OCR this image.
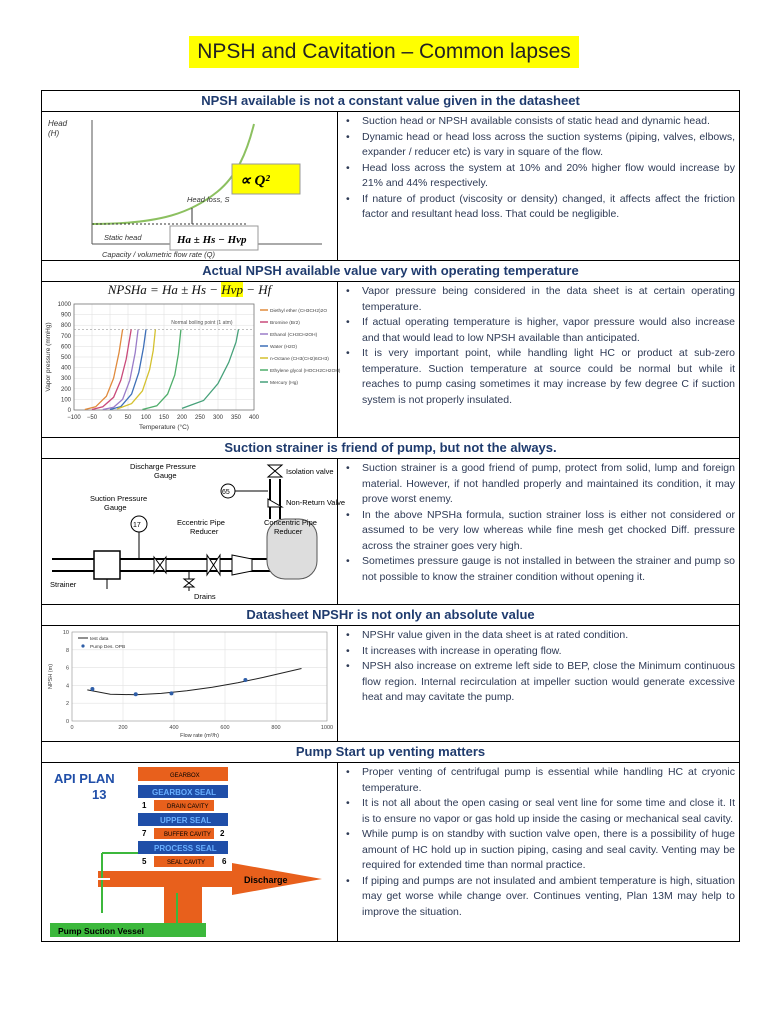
NPSH and Cavitation – Common lapses
NPSH available is not a constant value given in the datasheet
Head
(H)
Static head
Head loss, S
∝ Q²
Ha ± Hs − Hvp
Capacity / volumetric flow rate (Q)
• Suction head or NPSH available consists of static head and dynamic head.
• Dynamic head or head loss across the suction systems (piping, valves, elbows, expander / reducer etc) is vary in square of the flow.
• Head loss across the system at 10% and 20% higher flow would increase by 21% and 44% respectively.
• If nature of product (viscosity or density) changed, it affects affect the friction factor and resultant head loss. That could be negligible.
Actual NPSH available value vary with operating temperature
NPSHa = Ha ± Hs − Hvp − Hf
−100 −50 0 50 100 150 200 250 300 350 400
0
100
200
300
400
500
600
700
800
900
1000
Normal boiling point (1 atm)
Diethyl ether (CH3CH2)2O
Bromine (Br2)
Ethanol (CH3CH2OH)
Water (H2O)
n-Octane (CH3(CH2)6CH3)
Ethylene glycol (HOCH2CH2OH)
Mercury (Hg)
Temperature (°C)
Vapor pressure (mmHg)
• Vapor pressure being considered in the data sheet is at certain operating temperature.
• If actual operating temperature is higher, vapor pressure would also increase and that would lead to low NPSH available than anticipated.
• It is very important point, while handling light HC or product at sub-zero temperature. Suction temperature at source could be normal but while it reaches to pump casing sometimes it may increase by few degree C if suction system is not properly insulated.
Suction strainer is friend of pump, but not the always.
65
17
Discharge Pressure
Gauge	Isolation valve
Non-Return Valve
Suction Pressure
Gauge
Eccentric Pipe
Reducer
Concentric Pipe
Reducer
Strainer
Drains
• Suction strainer is a good friend of pump, protect from solid, lump and foreign material. However, if not handled properly and maintained its condition, it may prove worst enemy.
• In the above NPSHa formula, suction strainer loss is either not considered or assumed to be very low whereas while fine mesh get chocked Diff. pressure across the strainer goes very high.
• Sometimes pressure gauge is not installed in between the strainer and pump so not possible to know the strainer condition without opening it.
Datasheet NPSHr is not only an absolute value
0	200	400	600	800	1000
0
2
4
6
8
10
test data
Pump Des. OPB
Flow rate (m³/h)
NPSH (m)
• NPSHr value given in the data sheet is at rated condition.
• It increases with increase in operating flow.
• NPSH also increase on extreme left side to BEP, close the Minimum continuous flow region. Internal recirculation at impeller suction would generate excessive heat and may cavitate the pump.
Pump Start up venting matters
API PLAN
13
GEARBOX
GEARBOX SEAL
1	DRAIN CAVITY
UPPER SEAL
7	BUFFER CAVITY 2
PROCESS SEAL
5	SEAL CAVITY 6
Discharge
Pump Suction Vessel
• Proper venting of centrifugal pump is essential while handling HC at cryonic temperature.
• It is not all about the open casing or seal vent line for some time and close it. It is to ensure no vapor or gas hold up inside the casing or mechanical seal cavity.
• While pump is on standby with suction valve open, there is a possibility of huge amount of HC hold up in suction piping, casing and seal cavity. Venting may be required for extended time than normal practice.
• If piping and pumps are not insulated and ambient temperature is high, situation may get worse while change over. Continues venting, Plan 13M may help to improve the situation.
